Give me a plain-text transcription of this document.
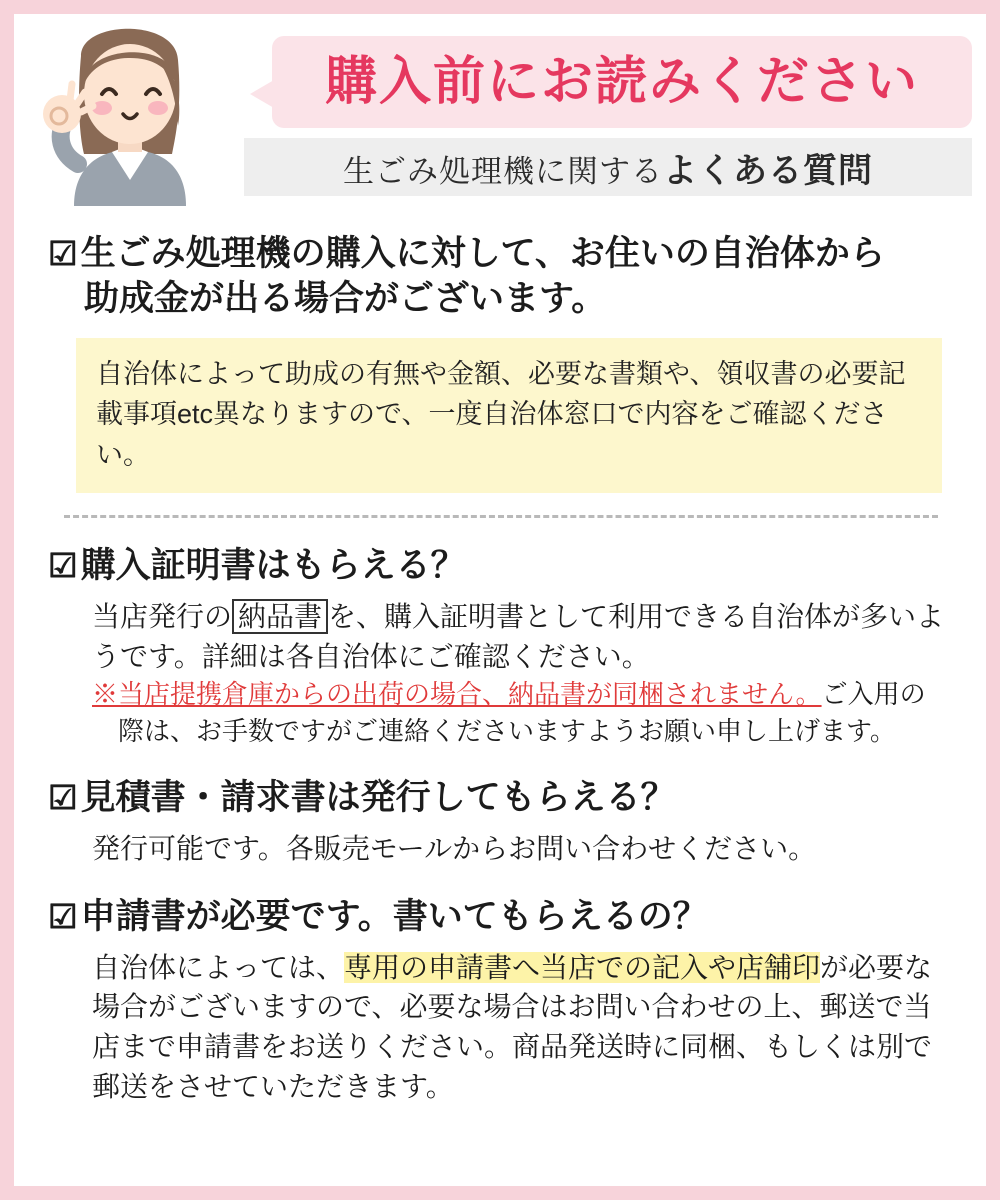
購入前にお読みください
生ごみ処理機に関するよくある質問
☑生ごみ処理機の購入に対して、お住いの自治体から
助成金が出る場合がございます。

自治体によって助成の有無や金額、必要な書類や、領収書の必要記載事項etc異なりますので、一度自治体窓口で内容をご確認ください。

☑購入証明書はもらえる？

当店発行の 納品書 を、購入証明書として利用できる自治体が多いようです。詳細は各自治体にご確認ください。

※当店提携倉庫からの出荷の場合、納品書が同梱されません。ご入用の
際は、お手数ですがご連絡くださいますようお願い申し上げます。

☑見積書・請求書は発行してもらえる？

発行可能です。各販売モールからお問い合わせください。

☑申請書が必要です。書いてもらえるの？

自治体によっては、専用の申請書へ当店での記入や店舗印が必要な場合がございますので、必要な場合はお問い合わせの上、郵送で当店まで申請書をお送りください。商品発送時に同梱、もしくは別で郵送をさせていただきます。
